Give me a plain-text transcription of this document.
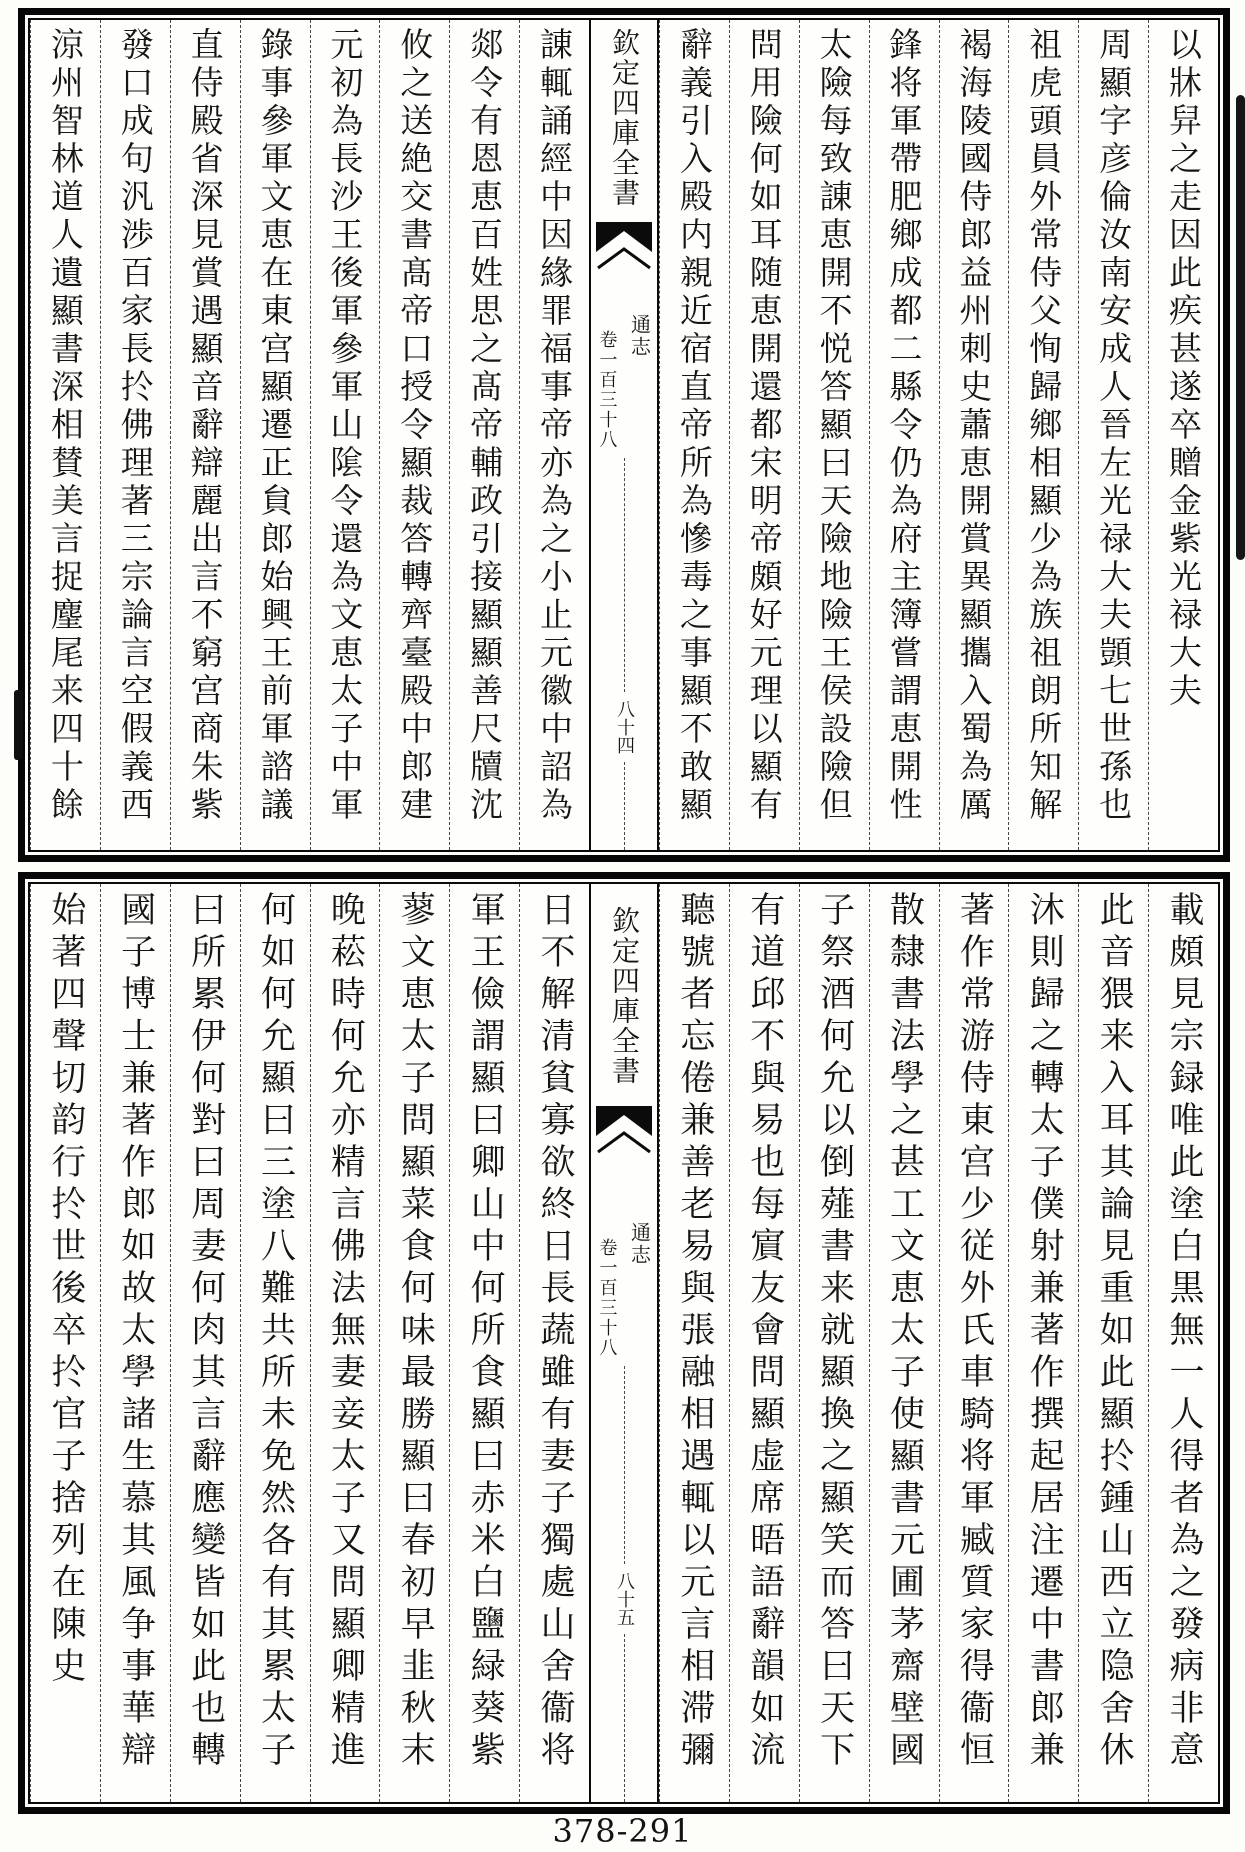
以牀舁之走因此疾甚遂卒贈金紫光禄大夫
周顯字彦倫汝南安成人晉左光禄大夫顗七世孫也
祖虎頭員外常侍父恂歸鄉相顯少為族祖朗所知解
褐海陵國侍郎益州刺史蕭恵開賞異顯攜入蜀為厲
鋒将軍帶肥鄉成都二縣令仍為府主簿嘗謂恵開性
太險每致諌恵開不悦答顯曰天險地險王侯設險但
問用險何如耳随恵開還都宋明帝頗好元理以顯有
辭義引入殿内親近宿直帝所為慘毒之事顯不敢顯
欽定四庫全書
卷一百三十八 通志
八十四
諌輒誦經中因緣罪福事帝亦為之小止元徽中詔為
郯令有恩恵百姓思之髙帝輔政引接顯顯善尺牘沈
攸之送絶交書髙帝口授令顯裁答轉齊臺殿中郎建
元初為長沙王後軍參軍山隂令還為文恵太子中軍
錄事參軍文恵在東宫顯遷正貟郎始興王前軍諮議
直侍殿省深見賞遇顯音辭辯麗出言不窮宫商朱紫
發口成句汎渉百家長扵佛理著三宗論言空假義西
涼州智林道人遺顯書深相賛美言捉麈尾来四十餘
載頗見宗録唯此塗白黒無一人得者為之發病非意
此音猥来入耳其論見重如此顯扵鍾山西立隐舍休
沐則歸之轉太子僕射兼著作撰起居注遷中書郎兼
著作常游侍東宫少従外氏車騎将軍臧質家得衞恒
散隸書法學之甚工文恵太子使顯書元圃茅齋壁國
子祭酒何允以倒薤書来就顯換之顯笑而答曰天下
有道邱不與易也每賔友會問顯虚席晤語辭韻如流
聽號者忘倦兼善老易與張融相遇輒以元言相滞彌
欽定四庫全書
卷一百三十八 通志
八十五
日不解清貧寡欲終日長蔬雖有妻子獨處山舍衞将
軍王儉謂顯曰卿山中何所食顯曰赤米白鹽緑葵紫
蓼文恵太子問顯菜食何味最勝顯曰春初早韭秋末
晚菘時何允亦精言佛法無妻妾太子又問顯卿精進
何如何允顯曰三塗八難共所未免然各有其累太子
曰所累伊何對曰周妻何肉其言辭應變皆如此也轉
國子博士兼著作郎如故太學諸生慕其風争事華辯
始著四聲切韵行扵世後卒扵官子捨列在陳史
378-291
